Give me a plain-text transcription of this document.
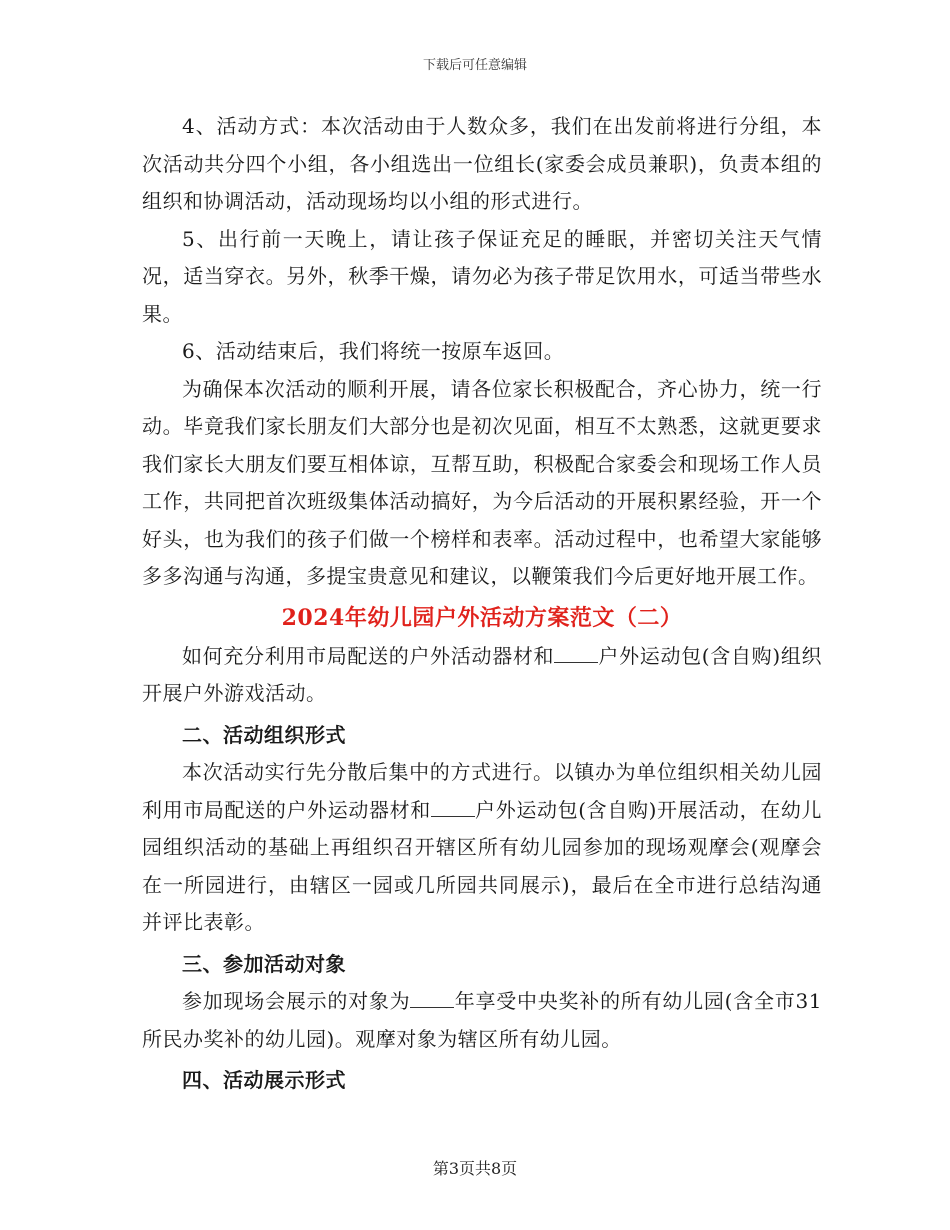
下载后可任意编辑

4、活动方式：本次活动由于人数众多，我们在出发前将进行分组，本次活动共分四个小组，各小组选出一位组长(家委会成员兼职)，负责本组的组织和协调活动，活动现场均以小组的形式进行。

5、出行前一天晚上，请让孩子保证充足的睡眠，并密切关注天气情况，适当穿衣。另外，秋季干燥，请勿必为孩子带足饮用水，可适当带些水果。

6、活动结束后，我们将统一按原车返回。

为确保本次活动的顺利开展，请各位家长积极配合，齐心协力，统一行动。毕竟我们家长朋友们大部分也是初次见面，相互不太熟悉，这就更要求我们家长大朋友们要互相体谅，互帮互助，积极配合家委会和现场工作人员工作，共同把首次班级集体活动搞好，为今后活动的开展积累经验，开一个好头，也为我们的孩子们做一个榜样和表率。活动过程中，也希望大家能够多多沟通与沟通，多提宝贵意见和建议，以鞭策我们今后更好地开展工作。

2024年幼儿园户外活动方案范文（二）

如何充分利用市局配送的户外活动器材和 户外运动包(含自购)组织开展户外游戏活动。

二、活动组织形式

本次活动实行先分散后集中的方式进行。以镇办为单位组织相关幼儿园利用市局配送的户外运动器材和 户外运动包(含自购)开展活动，在幼儿园组织活动的基础上再组织召开辖区所有幼儿园参加的现场观摩会(观摩会在一所园进行，由辖区一园或几所园共同展示)，最后在全市进行总结沟通并评比表彰。

三、参加活动对象

参加现场会展示的对象为 年享受中央奖补的所有幼儿园(含全市31所民办奖补的幼儿园)。观摩对象为辖区所有幼儿园。

四、活动展示形式

第3页共8页
